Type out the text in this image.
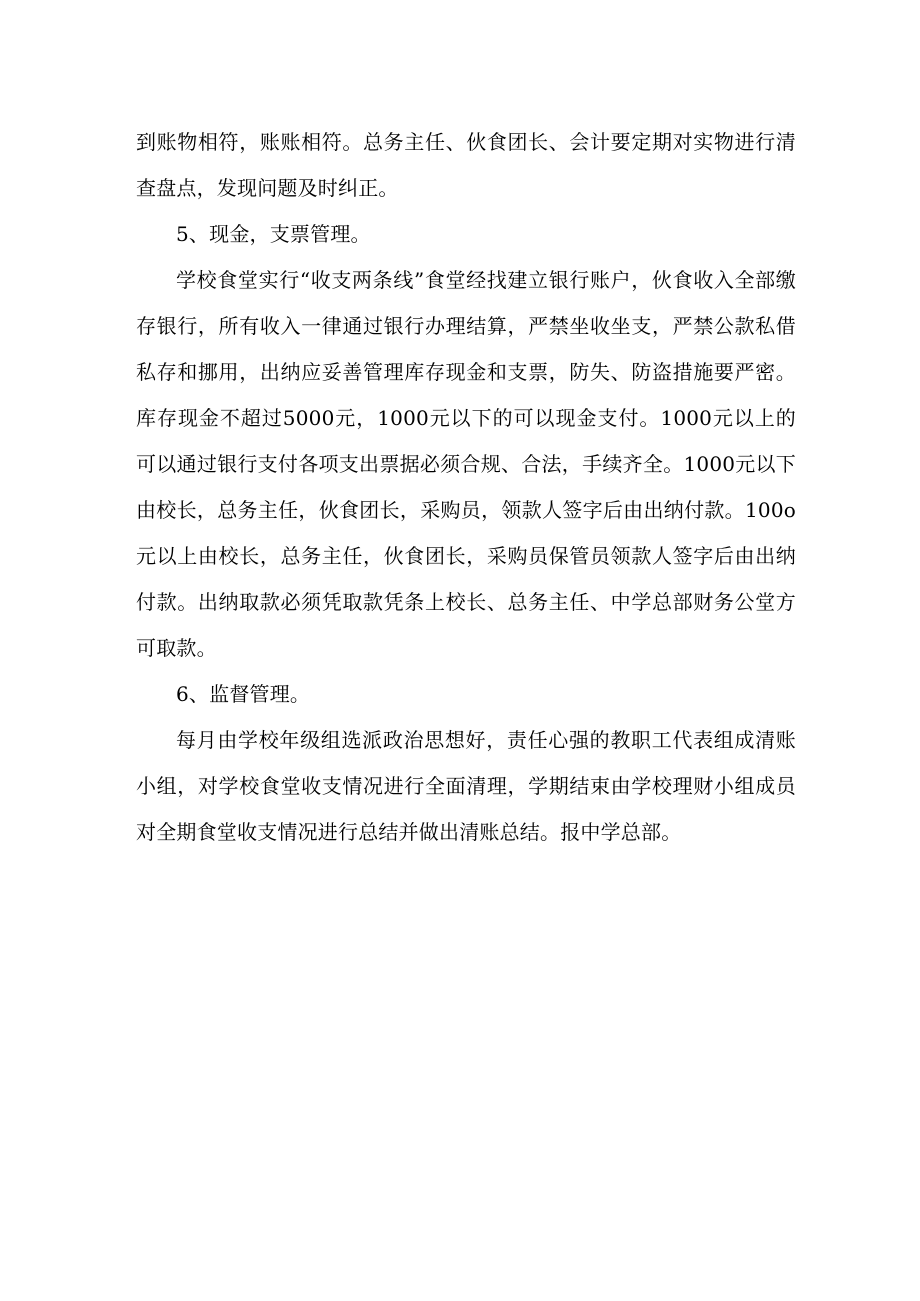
到账物相符，账账相符。总务主任、伙食团长、会计要定期对实物进行清查盘点，发现问题及时纠正。

5、现金，支票管理。

学校食堂实行“收支两条线”食堂经找建立银行账户，伙食收入全部缴存银行，所有收入一律通过银行办理结算，严禁坐收坐支，严禁公款私借私存和挪用，出纳应妥善管理库存现金和支票，防失、防盗措施要严密。库存现金不超过5000元，1000元以下的可以现金支付。1000元以上的可以通过银行支付各项支出票据必须合规、合法，手续齐全。1000元以下由校长，总务主任，伙食团长，采购员，领款人签字后由出纳付款。100o元以上由校长，总务主任，伙食团长，采购员保管员领款人签字后由出纳付款。出纳取款必须凭取款凭条上校长、总务主任、中学总部财务公堂方可取款。

6、监督管理。

每月由学校年级组选派政治思想好，责任心强的教职工代表组成清账小组，对学校食堂收支情况进行全面清理，学期结束由学校理财小组成员对全期食堂收支情况进行总结并做出清账总结。报中学总部。
